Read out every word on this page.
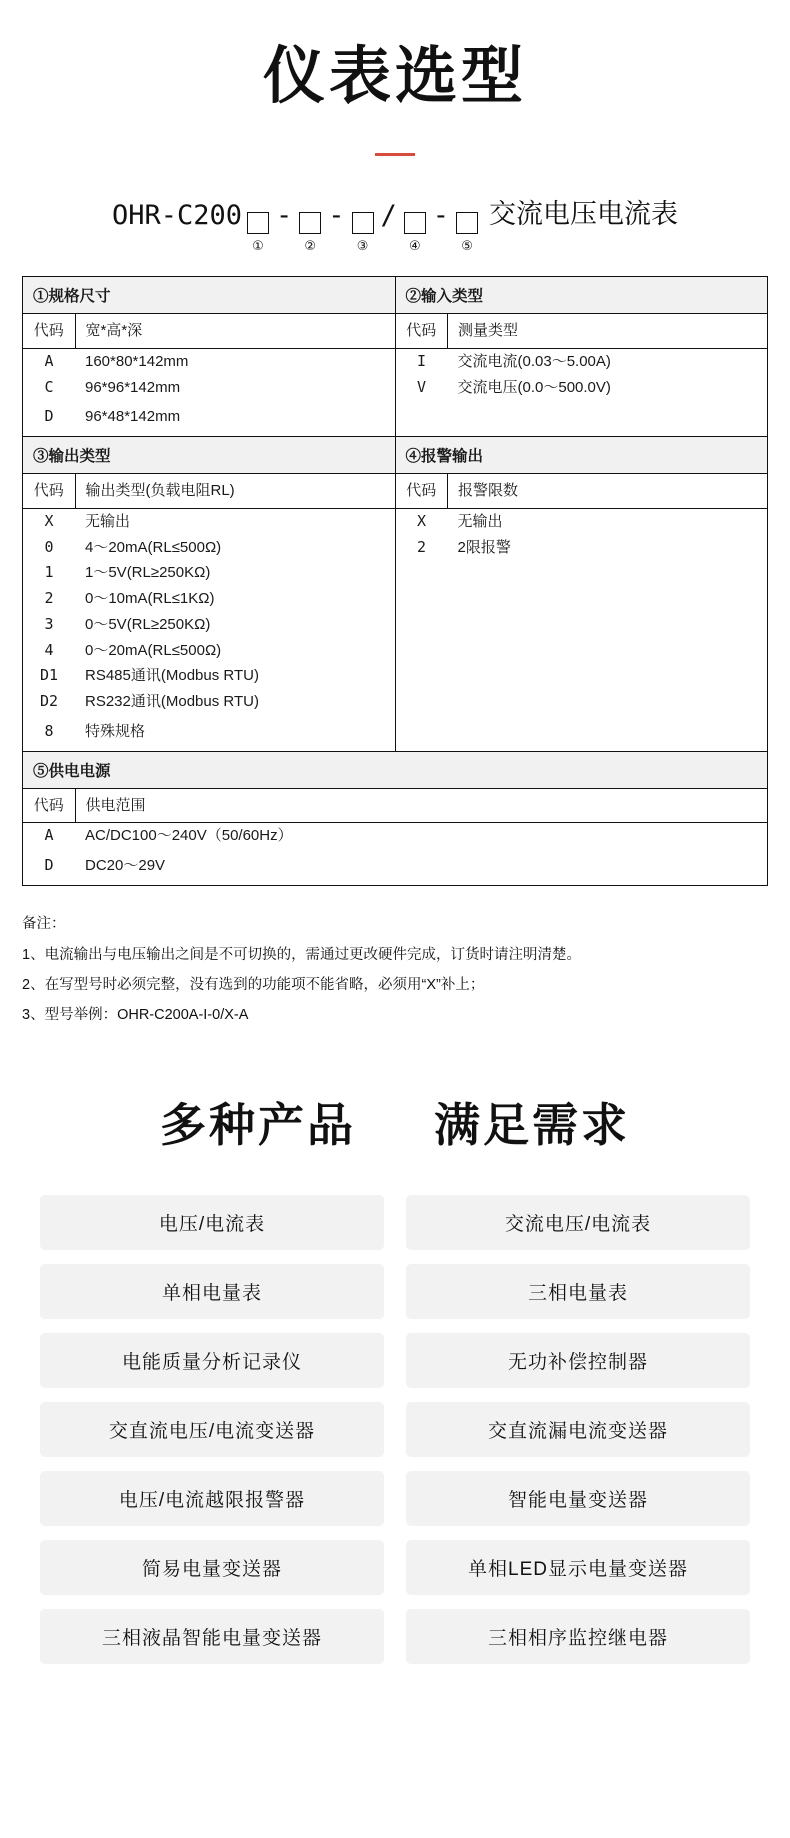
仪表选型
OHR-C200
①
-
②
-
③
/
④
-
⑤
交流电压电流表
①规格尺寸	②输入类型

代码	宽*高*深
A	160*80*142mm
C	96*96*142mm
D	96*48*142mm

代码	测量类型
I	交流电流(0.03～5.00A)
V	交流电压(0.0～500.0V)

③输出类型	④报警输出

代码	输出类型(负载电阻RL)
X	无输出
0	4～20mA(RL≤500Ω)
1	1～5V(RL≥250KΩ)
2	0～10mA(RL≤1KΩ)
3	0～5V(RL≥250KΩ)
4	0～20mA(RL≤500Ω)
D1	RS485通讯(Modbus RTU)
D2	RS232通讯(Modbus RTU)
8	特殊规格

代码	报警限数
X	无输出
2	2限报警

⑤供电电源

代码	供电范围
A	AC/DC100～240V（50/60Hz）
D	DC20～29V
备注：
1、电流输出与电压输出之间是不可切换的，需通过更改硬件完成，订货时请注明清楚。
2、在写型号时必须完整，没有选到的功能项不能省略，必须用“X”补上；
3、型号举例：OHR-C200A-I-0/X-A
多种产品 满足需求
电压/电流表	交流电压/电流表
单相电量表	三相电量表
电能质量分析记录仪	无功补偿控制器
交直流电压/电流变送器	交直流漏电流变送器
电压/电流越限报警器	智能电量变送器
简易电量变送器	单相LED显示电量变送器
三相液晶智能电量变送器	三相相序监控继电器
